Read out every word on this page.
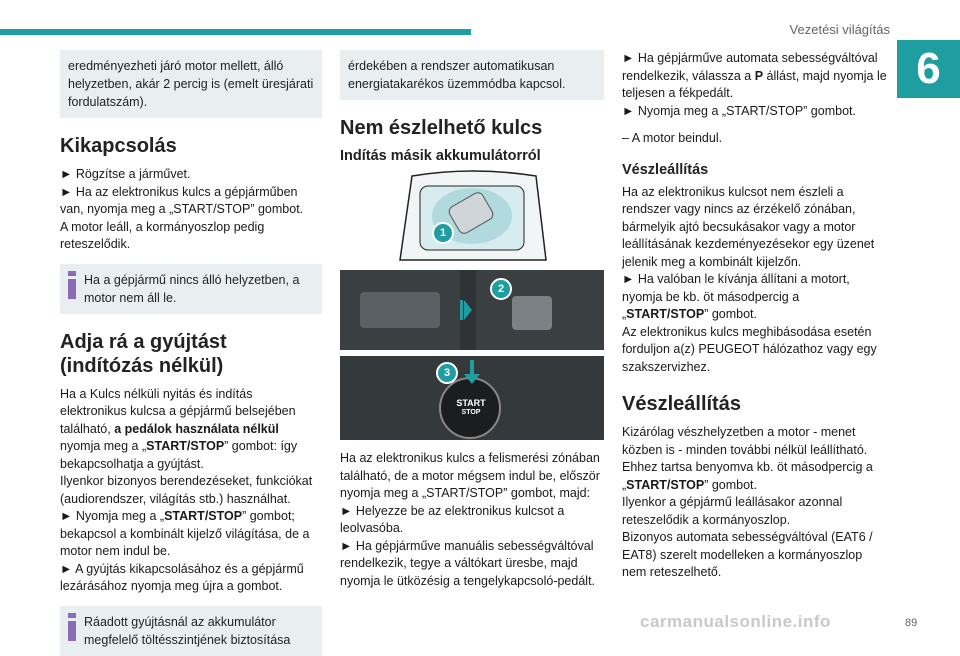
Vezetési világítás
6
eredményezheti járó motor mellett, álló helyzetben, akár 2 percig is (emelt üresjárati fordulatszám).
Kikapcsolás

► Rögzítse a járművet.

► Ha az elektronikus kulcs a gépjárműben van, nyomja meg a „START/STOP” gombot.

A motor leáll, a kormányoszlop pedig reteszelődik.

Ha a gépjármű nincs álló helyzetben, a motor nem áll le.
Adja rá a gyújtást (indítózás nélkül)

Ha a Kulcs nélküli nyitás és indítás elektronikus kulcsa a gépjármű belsejében található, a pedálok használata nélkül nyomja meg a „START/STOP” gombot: így bekapcsolhatja a gyújtást.

Ilyenkor bizonyos berendezéseket, funkciókat (audiorendszer, világítás stb.) használhat.

► Nyomja meg a „START/STOP” gombot; bekapcsol a kombinált kijelző világítása, de a motor nem indul be.

► A gyújtás kikapcsolásához és a gépjármű lezárásához nyomja meg újra a gombot.

Ráadott gyújtásnál az akkumulátor megfelelő töltésszintjének biztosítása
érdekében a rendszer automatikusan energiatakarékos üzemmódba kapcsol.
Nem észlelhető kulcs
Indítás másik akkumulátorról
1
2
3
START
STOP

Ha az elektronikus kulcs a felismerési zónában található, de a motor mégsem indul be, először nyomja meg a „START/STOP” gombot, majd:

► Helyezze be az elektronikus kulcsot a leolvasóba.

► Ha gépjárműve manuális sebességváltóval rendelkezik, tegye a váltókart üresbe, majd nyomja le ütközésig a tengelykapcsoló-pedált.

► Ha gépjárműve automata sebességváltóval rendelkezik, válassza a P állást, majd nyomja le teljesen a fékpedált.

► Nyomja meg a „START/STOP” gombot.

– A motor beindul.

Vészleállítás

Ha az elektronikus kulcsot nem észleli a rendszer vagy nincs az érzékelő zónában, bármelyik ajtó becsukásakor vagy a motor leállításának kezdeményezésekor egy üzenet jelenik meg a kombinált kijelzőn.

► Ha valóban le kívánja állítani a motort, nyomja be kb. öt másodpercig a „START/STOP” gombot.

Az elektronikus kulcs meghibásodása esetén forduljon a(z) PEUGEOT hálózathoz vagy egy szakszervizhez.

Vészleállítás

Kizárólag vészhelyzetben a motor - menet közben is - minden további nélkül leállítható. Ehhez tartsa benyomva kb. öt másodpercig a „START/STOP” gombot.

Ilyenkor a gépjármű leállásakor azonnal reteszelődik a kormányoszlop.

Bizonyos automata sebességváltóval (EAT6 / EAT8) szerelt modelleken a kormányoszlop nem reteszelhető.

carmanualsonline.info	89
